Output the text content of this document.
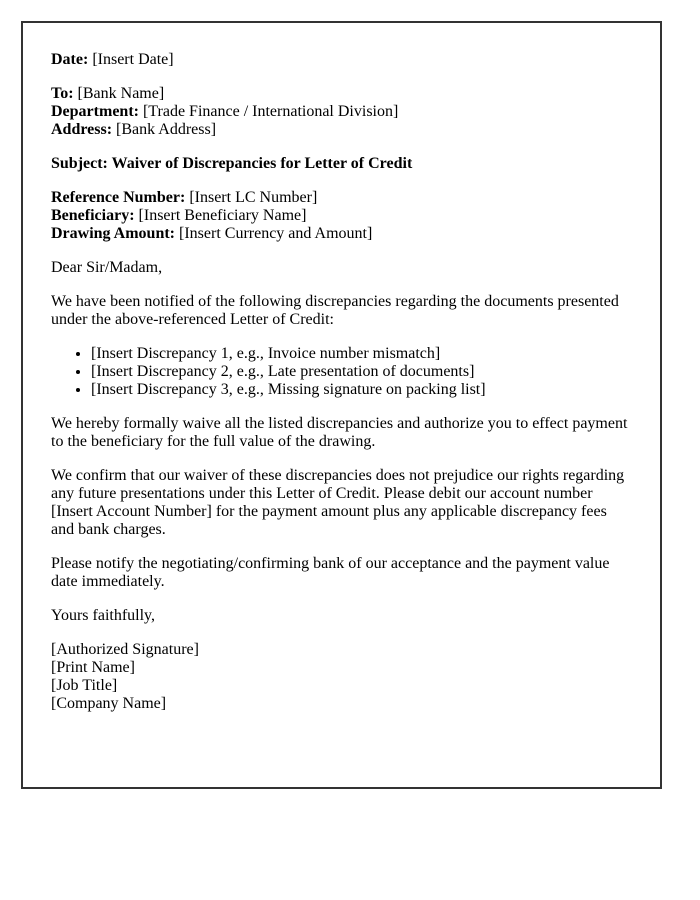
Date: [Insert Date]
To: [Bank Name]
Department: [Trade Finance / International Division]
Address: [Bank Address]
Subject: Waiver of Discrepancies for Letter of Credit
Reference Number: [Insert LC Number]
Beneficiary: [Insert Beneficiary Name]
Drawing Amount: [Insert Currency and Amount]
Dear Sir/Madam,
We have been notified of the following discrepancies regarding the documents presented under the above-referenced Letter of Credit:
• [Insert Discrepancy 1, e.g., Invoice number mismatch]
• [Insert Discrepancy 2, e.g., Late presentation of documents]
• [Insert Discrepancy 3, e.g., Missing signature on packing list]
We hereby formally waive all the listed discrepancies and authorize you to effect payment to the beneficiary for the full value of the drawing.
We confirm that our waiver of these discrepancies does not prejudice our rights regarding any future presentations under this Letter of Credit. Please debit our account number [Insert Account Number] for the payment amount plus any applicable discrepancy fees and bank charges.
Please notify the negotiating/confirming bank of our acceptance and the payment value date immediately.
Yours faithfully,
[Authorized Signature]
[Print Name]
[Job Title]
[Company Name]
